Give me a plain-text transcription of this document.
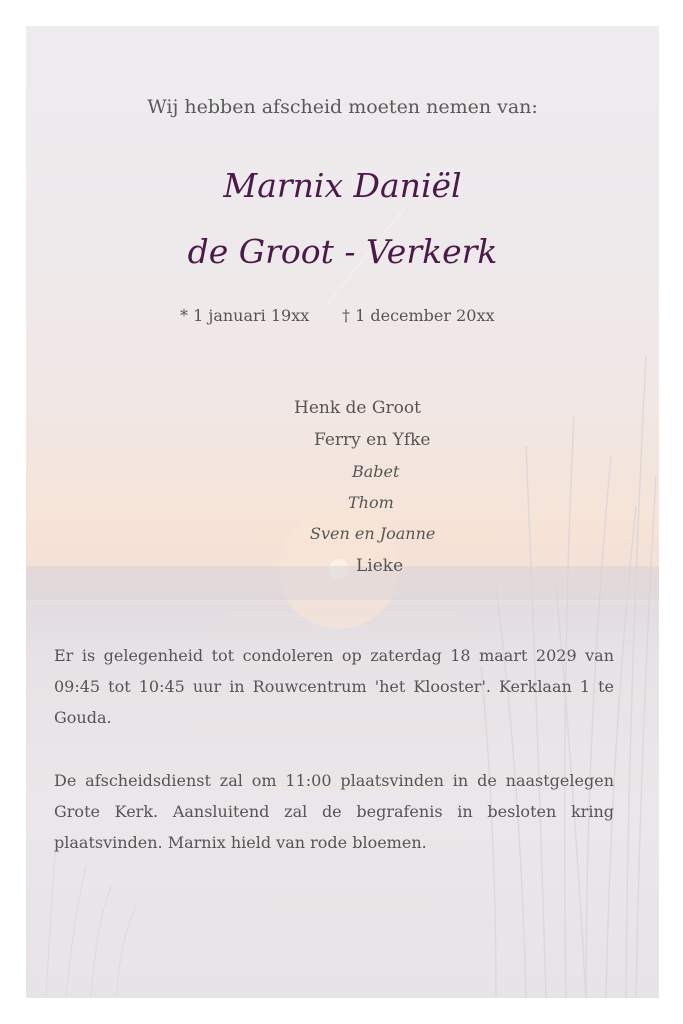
Wij hebben afscheid moeten nemen van:

Marnix Daniël

de Groot - Verkerk

* 1 januari 19xx † 1 december 20xx

Henk de Groot

Ferry en Yfke

Babet

Thom

Sven en Joanne

Lieke

Er is gelegenheid tot condoleren op zaterdag 18 maart 2029 van 09:45 tot 10:45 uur in Rouwcentrum 'het Klooster'. Kerklaan 1 te Gouda.

De afscheidsdienst zal om 11:00 plaatsvinden in de naastgelegen Grote Kerk. Aansluitend zal de begrafenis in besloten kring plaatsvinden. Marnix hield van rode bloemen.
